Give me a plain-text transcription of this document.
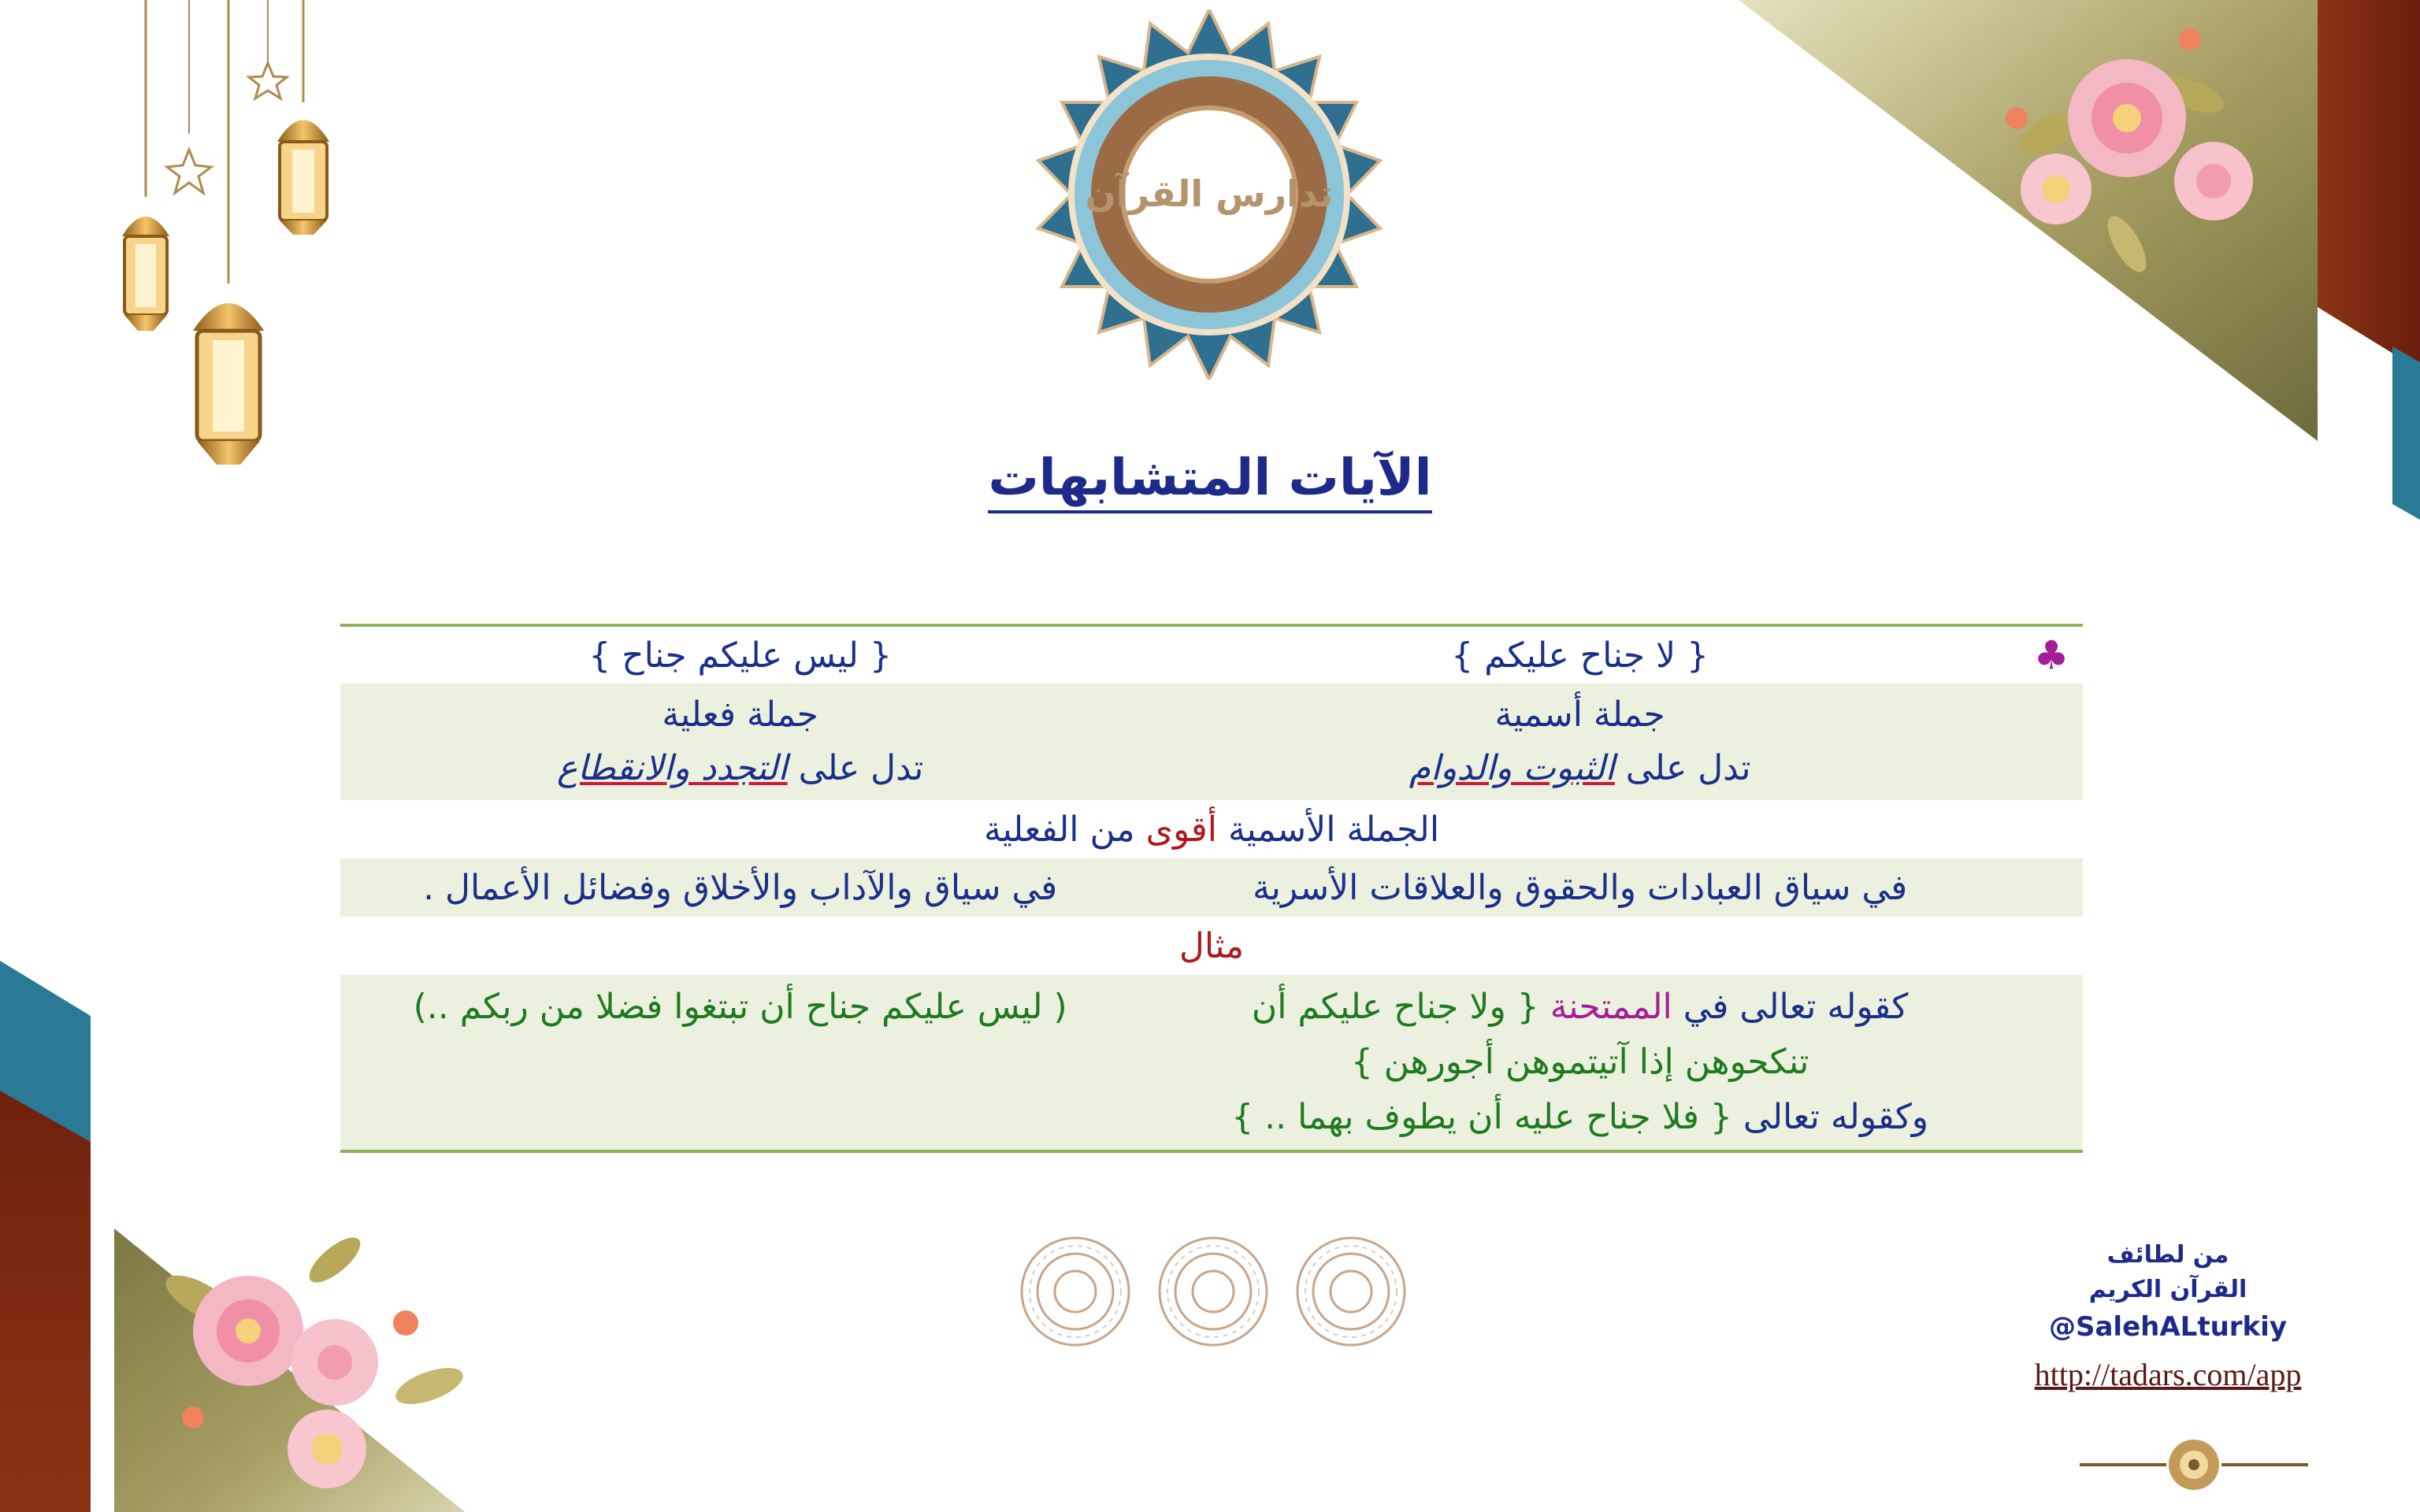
تدارس القرآن
الآيات المتشابهات
♣
{ لا جناح عليكم }
{ ليس عليكم جناح }
جملة أسمية
تدل على الثبوت والدوام
جملة فعلية
تدل على التجدد والانقطاع
الجملة الأسمية أقوى من الفعلية
في سياق العبادات والحقوق والعلاقات الأسرية
في سياق والآداب والأخلاق وفضائل الأعمال .
مثال
كقوله تعالى في الممتحنة { ولا جناح عليكم أن
تنكحوهن إذا آتيتموهن أجورهن }
وكقوله تعالى { فلا جناح عليه أن يطوف بهما .. }
( ليس عليكم جناح أن تبتغوا فضلا من ربكم ..)
من لطائف
القرآن الكريم
@SalehALturkiy
http://tadars.com/app
